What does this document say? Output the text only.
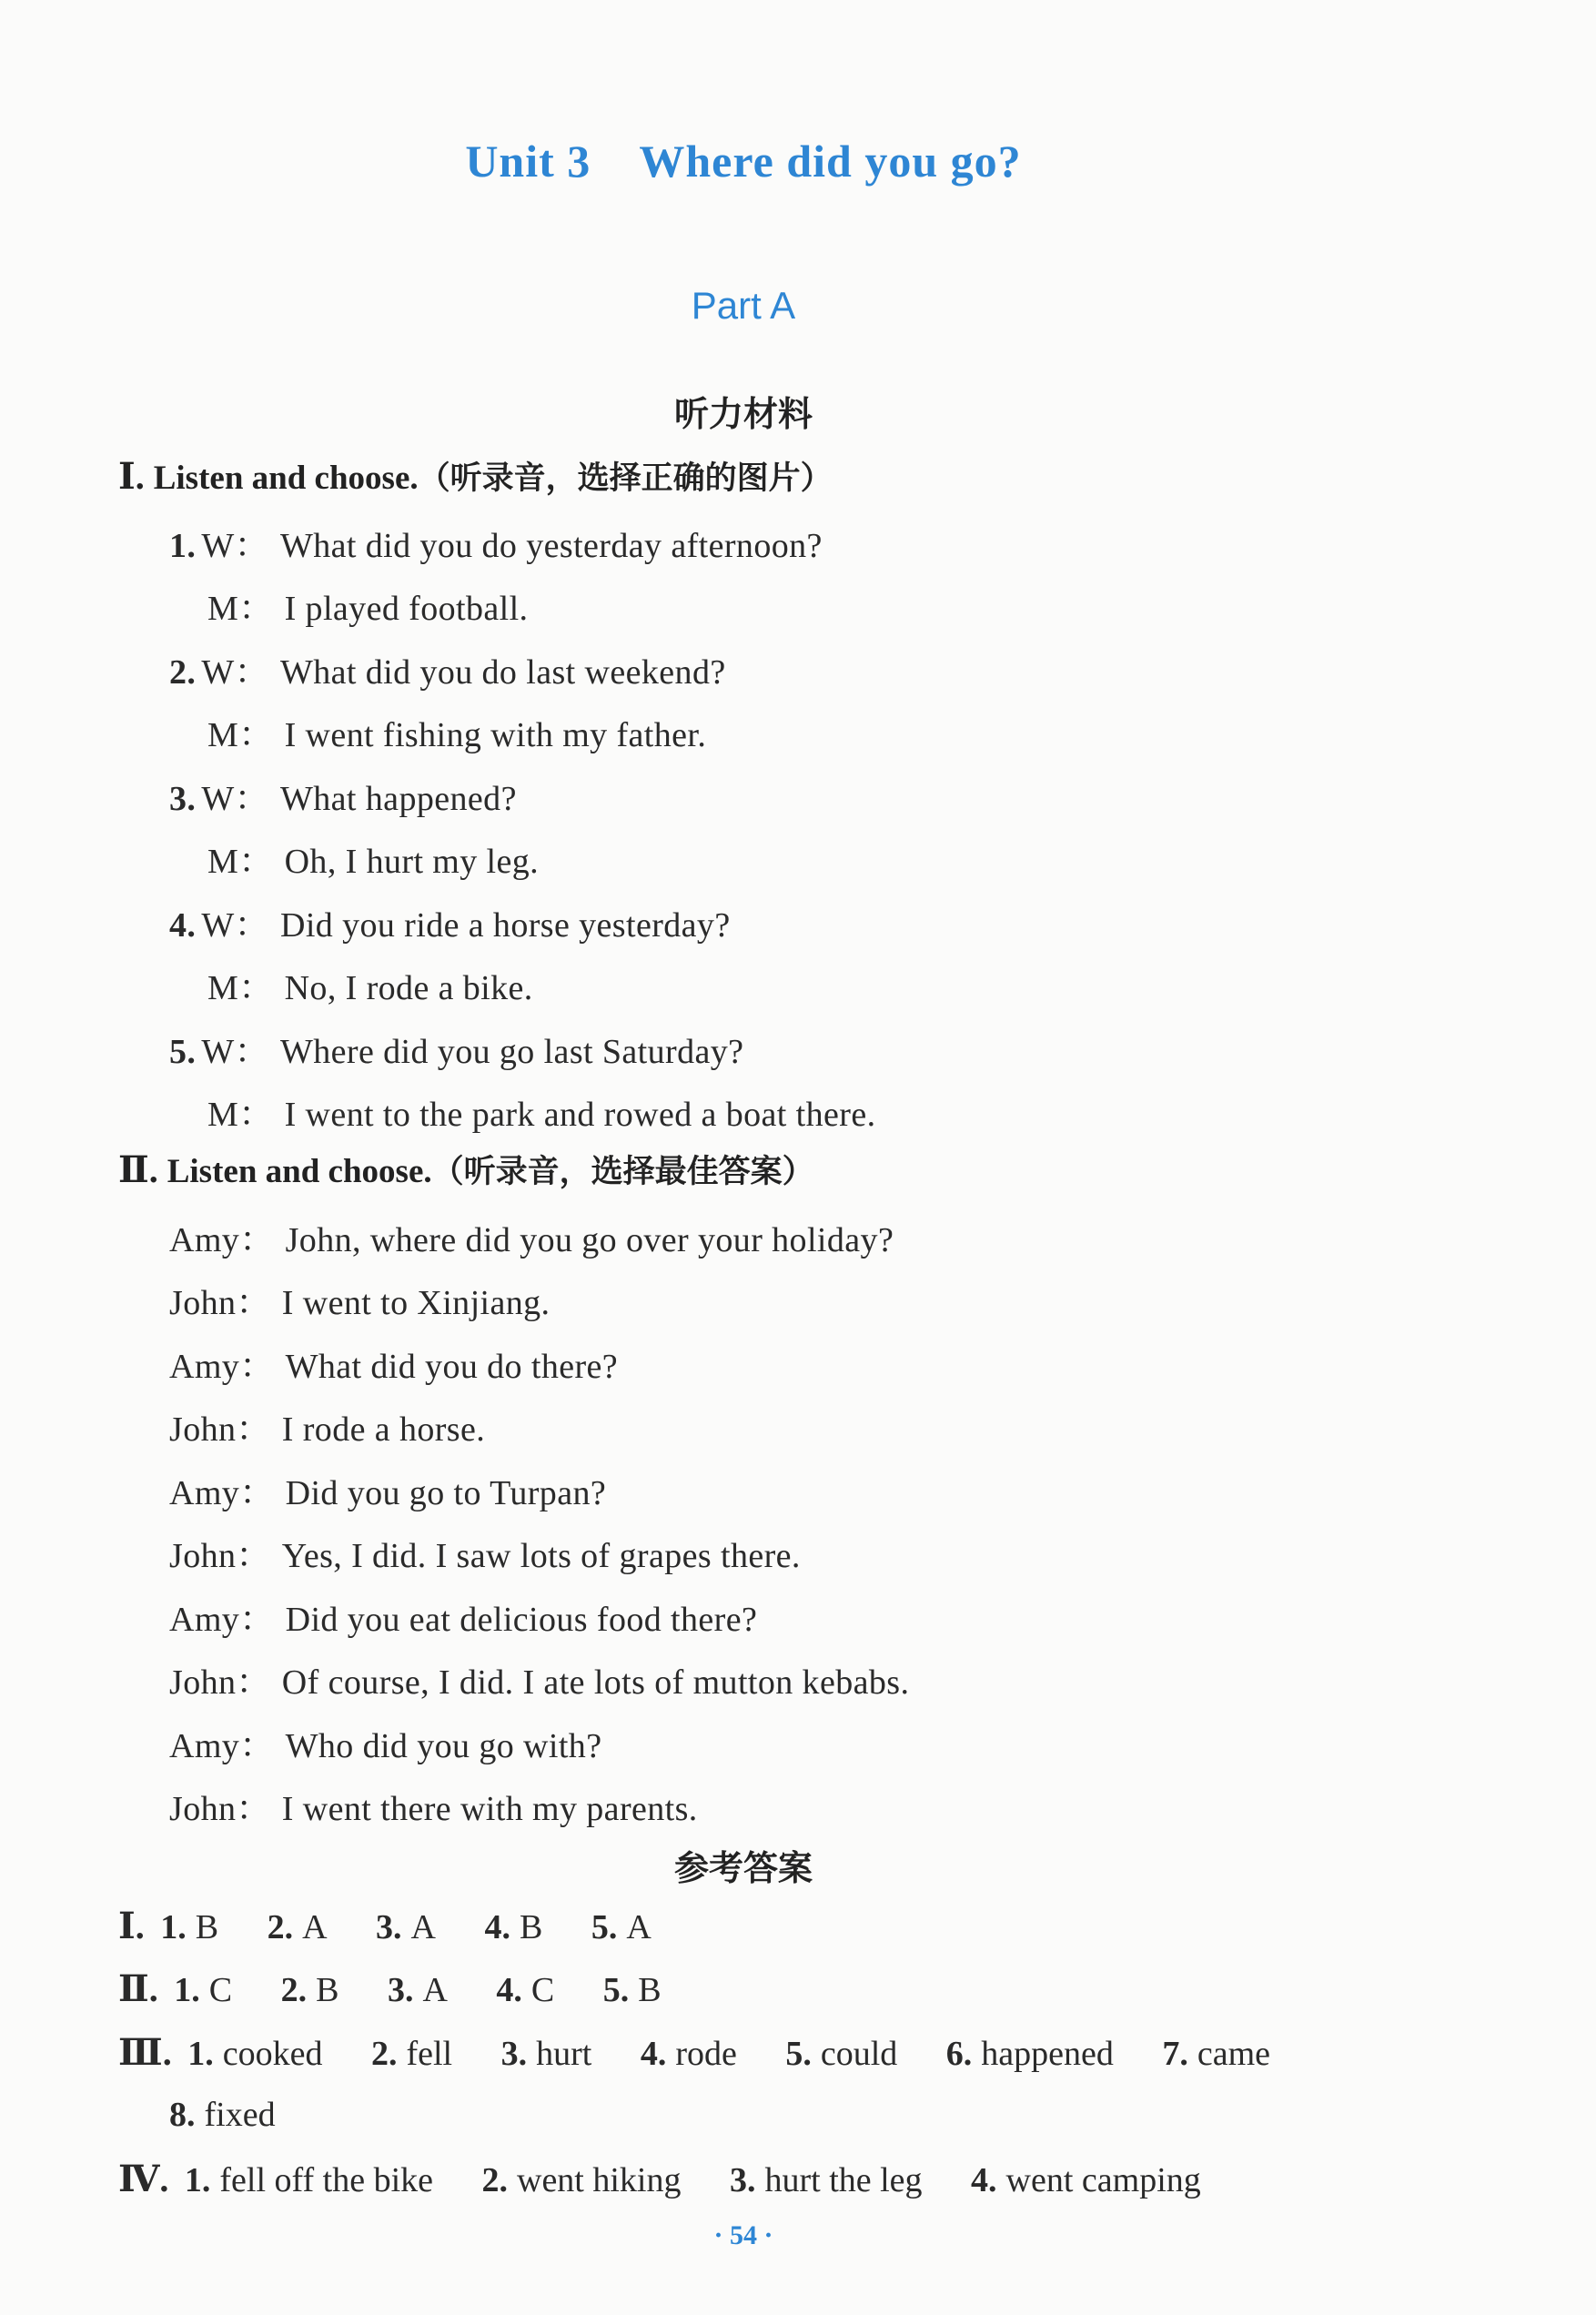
Unit 3    Where did you go?
Part A
听力材料
Ⅰ. Listen and choose.（听录音，选择正确的图片）
1. W： What did you do yesterday afternoon?
M： I played football.
2. W： What did you do last weekend?
M： I went fishing with my father.
3. W： What happened?
M： Oh, I hurt my leg.
4. W： Did you ride a horse yesterday?
M： No, I rode a bike.
5. W： Where did you go last Saturday?
M： I went to the park and rowed a boat there.
Ⅱ. Listen and choose.（听录音，选择最佳答案）
Amy： John, where did you go over your holiday?
John： I went to Xinjiang.
Amy： What did you do there?
John： I rode a horse.
Amy： Did you go to Turpan?
John： Yes, I did. I saw lots of grapes there.
Amy： Did you eat delicious food there?
John： Of course, I did. I ate lots of mutton kebabs.
Amy： Who did you go with?
John： I went there with my parents.
参考答案
Ⅰ. 1. B 2. A 3. A 4. B 5. A
Ⅱ. 1. C 2. B 3. A 4. C 5. B
Ⅲ. 1. cooked 2. fell 3. hurt 4. rode 5. could 6. happened 7. came
8. fixed
Ⅳ. 1. fell off the bike 2. went hiking 3. hurt the leg 4. went camping
· 54 ·
